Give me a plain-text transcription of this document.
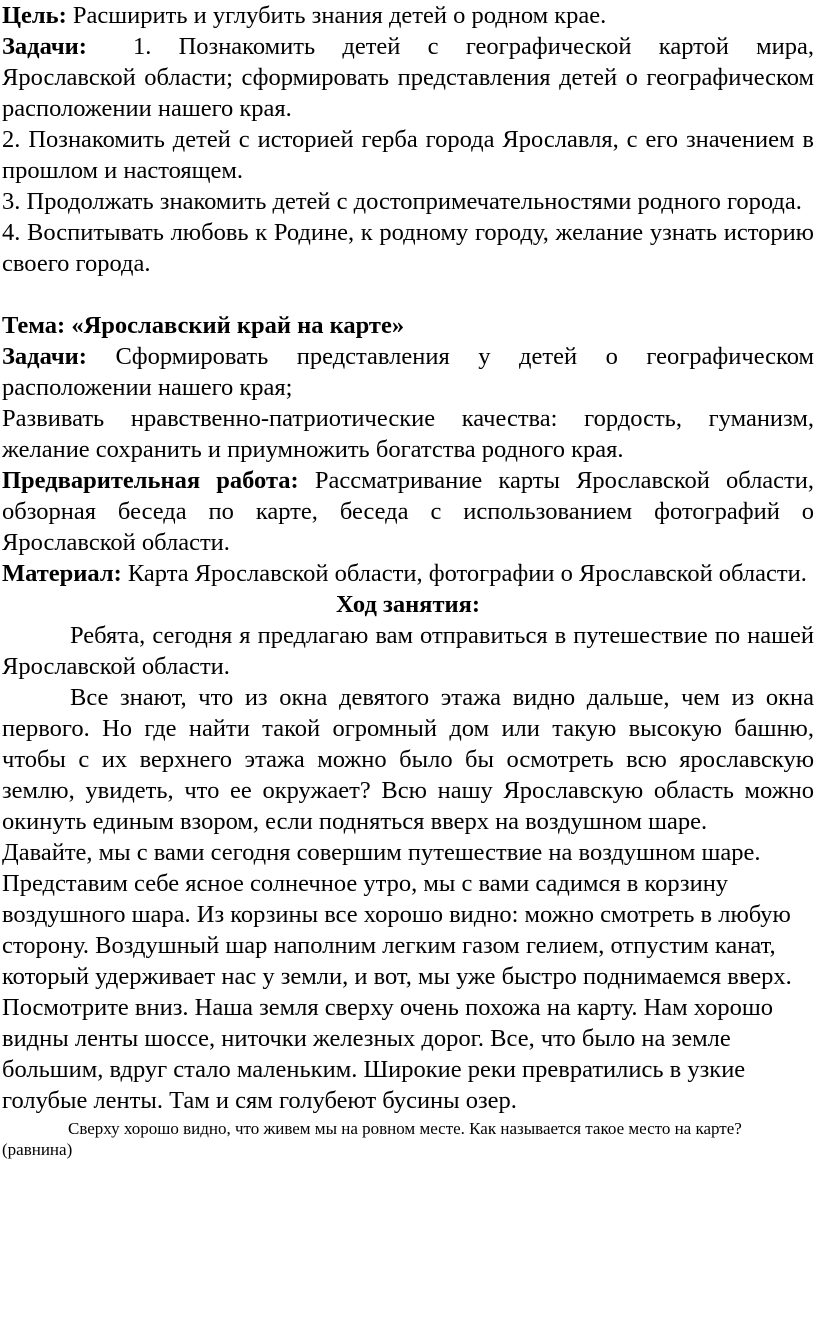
Цель: Расширить и углубить знания детей о родном крае.

Задачи: 1. Познакомить детей с географической картой мира, Ярославской области; сформировать представления детей о географическом расположении нашего края.

2. Познакомить детей с историей герба города Ярославля, с его значением в прошлом и настоящем.

3. Продолжать знакомить детей с достопримечательностями родного города.

4. Воспитывать любовь к Родине, к родному городу, желание узнать историю своего города.

Тема: «Ярославский край на карте»

Задачи: Сформировать представления у детей о географическом расположении нашего края;

Развивать нравственно-патриотические качества: гордость, гуманизм, желание сохранить и приумножить богатства родного края.

Предварительная работа: Рассматривание карты Ярославской области, обзорная беседа по карте, беседа с использованием фотографий о Ярославской области.

Материал: Карта Ярославской области, фотографии о Ярославской области.

Ход занятия:

Ребята, сегодня я предлагаю вам отправиться в путешествие по нашей Ярославской области.

Все знают, что из окна девятого этажа видно дальше, чем из окна первого. Но где найти такой огромный дом или такую высокую башню, чтобы с их верхнего этажа можно было бы осмотреть всю ярославскую землю, увидеть, что ее окружает? Всю нашу Ярославскую область можно окинуть единым взором, если подняться вверх на воздушном шаре.

Давайте, мы с вами сегодня совершим путешествие на воздушном шаре. Представим себе ясное солнечное утро, мы с вами садимся в корзину воздушного шара. Из корзины все хорошо видно: можно смотреть в любую сторону. Воздушный шар наполним легким газом гелием, отпустим канат, который удерживает нас у земли, и вот, мы уже быстро поднимаемся вверх. Посмотрите вниз. Наша земля сверху очень похожа на карту. Нам хорошо видны ленты шоссе, ниточки железных дорог. Все, что было на земле большим, вдруг стало маленьким. Широкие реки превратились в узкие голубые ленты. Там и сям голубеют бусины озер.

Сверху хорошо видно, что живем мы на ровном месте. Как называется такое место на карте? (равнина)
